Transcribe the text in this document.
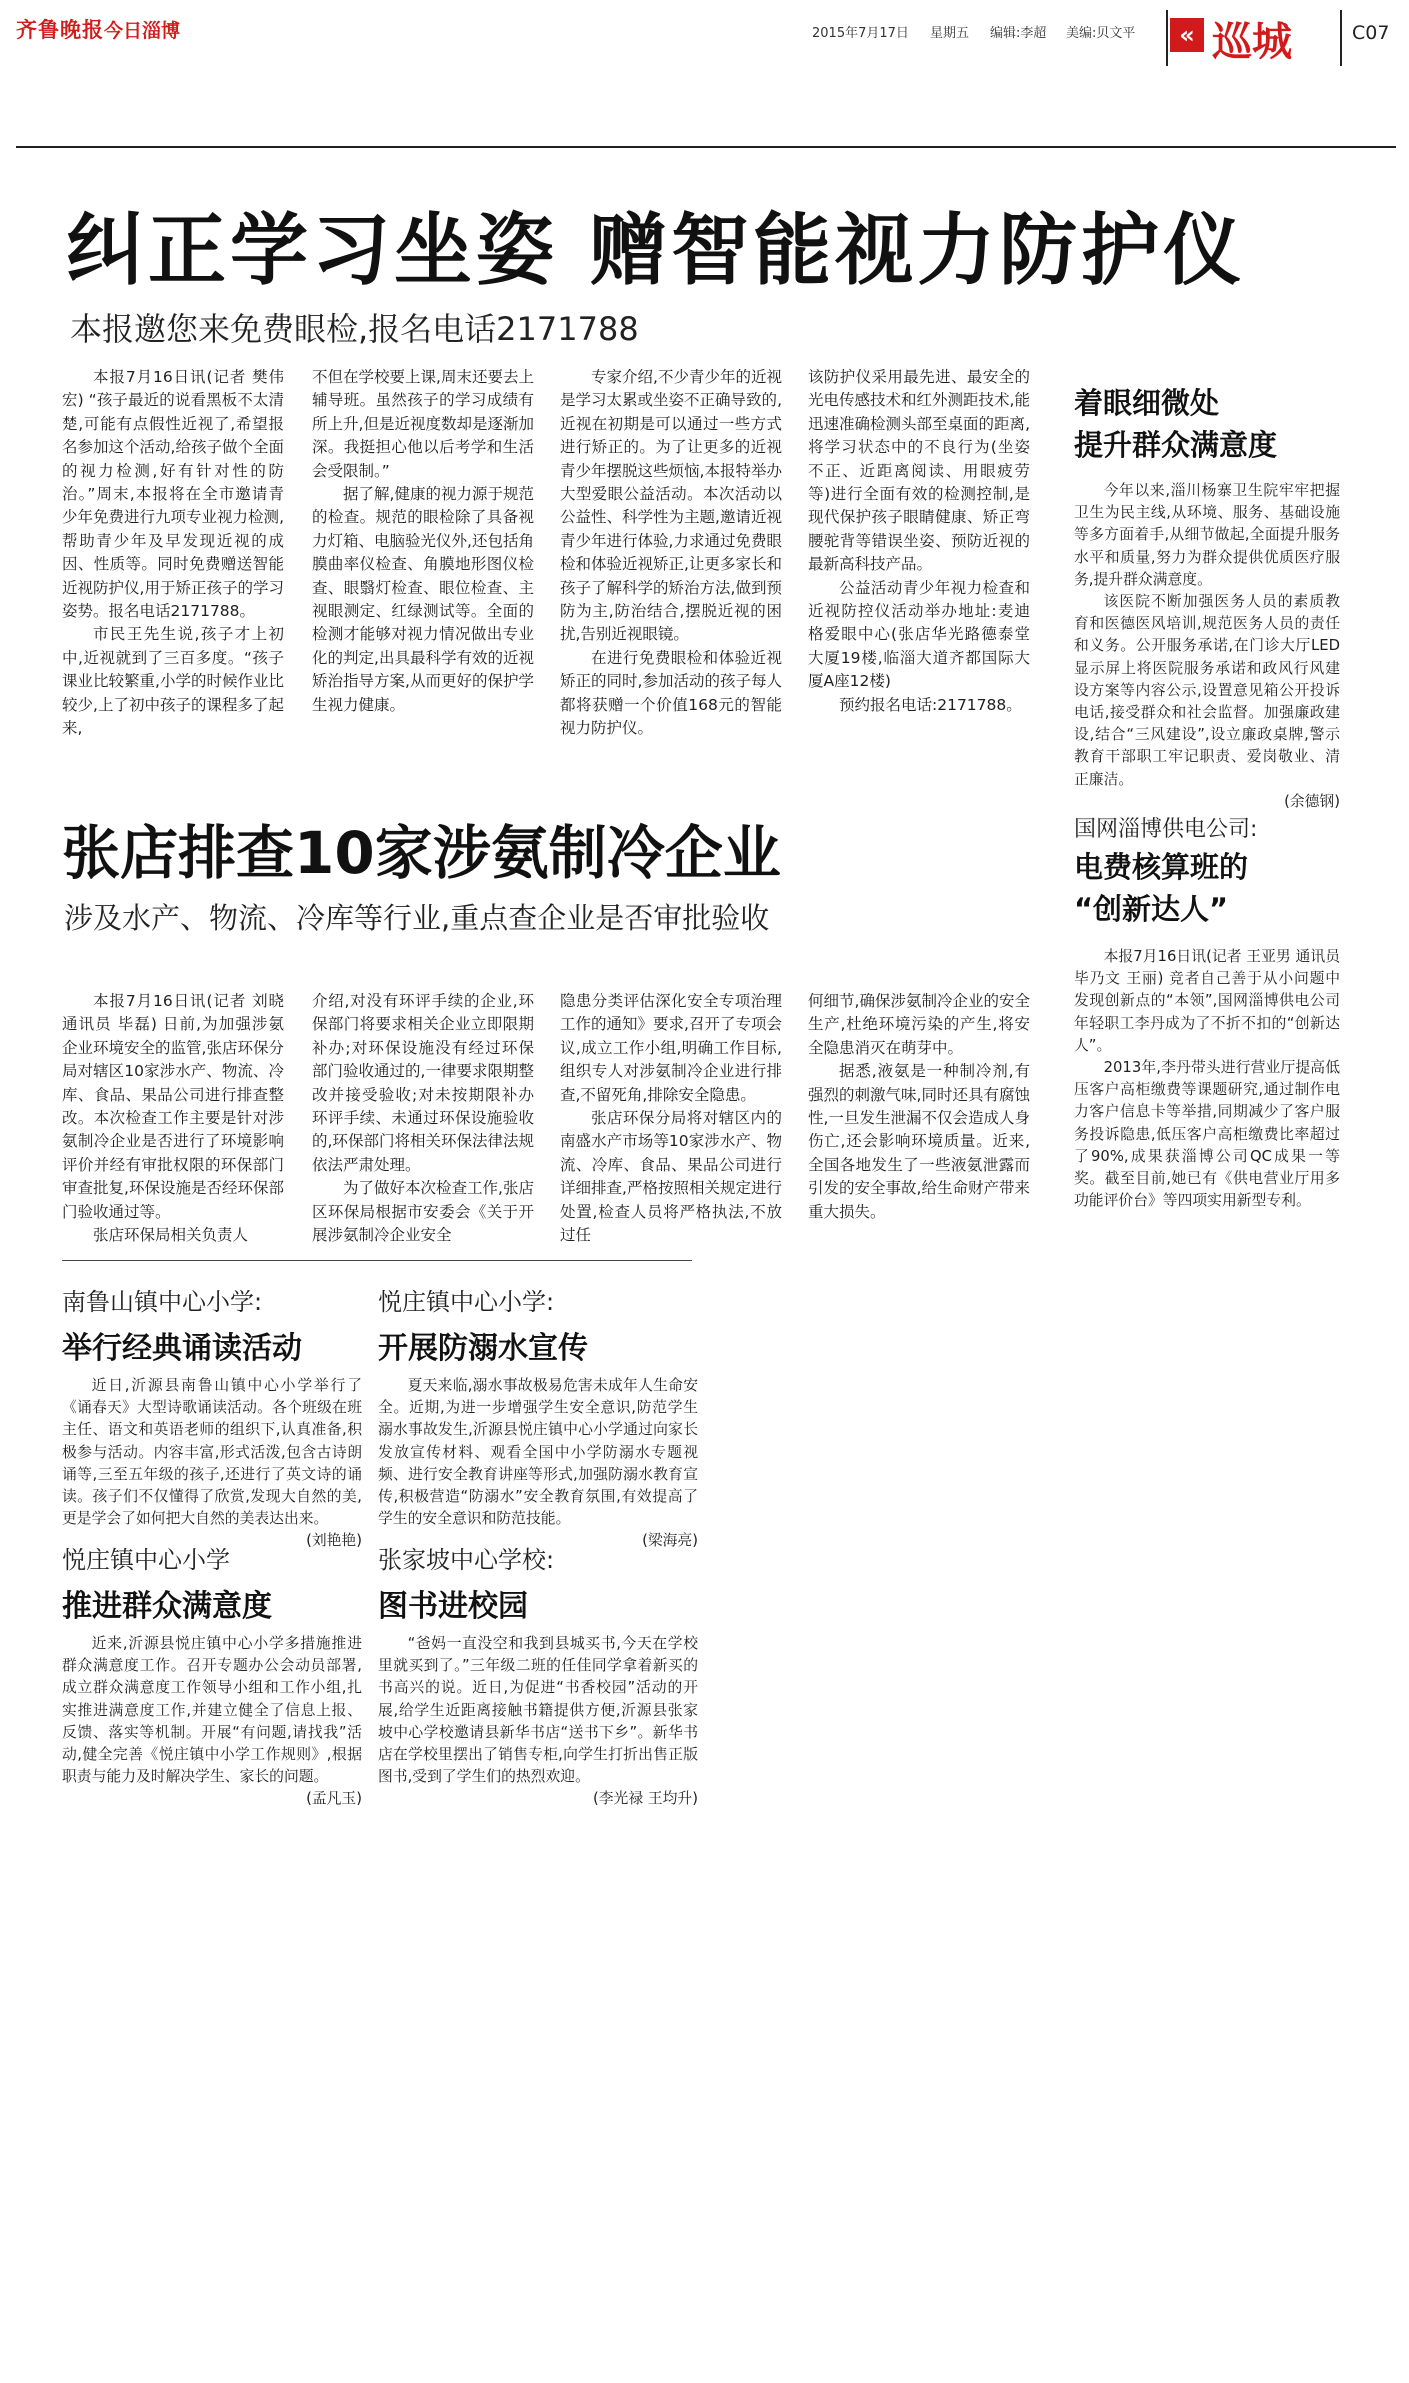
齐鲁晚报 今日淄博	2015年7月17日 星期五 编辑:李超 美编:贝文平	« 巡城	C07
纠正学习坐姿 赠智能视力防护仪
本报邀您来免费眼检,报名电话2171788

本报7月16日讯(记者 樊伟宏) “孩子最近的说看黑板不太清楚,可能有点假性近视了,希望报名参加这个活动,给孩子做个全面的视力检测,好有针对性的防治。”周末,本报将在全市邀请青少年免费进行九项专业视力检测,帮助青少年及早发现近视的成因、性质等。同时免费赠送智能近视防护仪,用于矫正孩子的学习姿势。报名电话2171788。

市民王先生说,孩子才上初中,近视就到了三百多度。“孩子课业比较繁重,小学的时候作业比较少,上了初中孩子的课程多了起来,

不但在学校要上课,周末还要去上辅导班。虽然孩子的学习成绩有所上升,但是近视度数却是逐渐加深。我挺担心他以后考学和生活会受限制。”

据了解,健康的视力源于规范的检查。规范的眼检除了具备视力灯箱、电脑验光仪外,还包括角膜曲率仪检查、角膜地形图仪检查、眼翳灯检查、眼位检查、主视眼测定、红绿测试等。全面的检测才能够对视力情况做出专业化的判定,出具最科学有效的近视矫治指导方案,从而更好的保护学生视力健康。

专家介绍,不少青少年的近视是学习太累或坐姿不正确导致的,近视在初期是可以通过一些方式进行矫正的。为了让更多的近视青少年摆脱这些烦恼,本报特举办大型爱眼公益活动。本次活动以公益性、科学性为主题,邀请近视青少年进行体验,力求通过免费眼检和体验近视矫正,让更多家长和孩子了解科学的矫治方法,做到预防为主,防治结合,摆脱近视的困扰,告别近视眼镜。

在进行免费眼检和体验近视矫正的同时,参加活动的孩子每人都将获赠一个价值168元的智能视力防护仪。

该防护仪采用最先进、最安全的光电传感技术和红外测距技术,能迅速准确检测头部至桌面的距离,将学习状态中的不良行为(坐姿不正、近距离阅读、用眼疲劳等)进行全面有效的检测控制,是现代保护孩子眼睛健康、矫正弯腰驼背等错误坐姿、预防近视的最新高科技产品。

公益活动青少年视力检查和近视防控仪活动举办地址:麦迪格爱眼中心(张店华光路德泰堂大厦19楼,临淄大道齐都国际大厦A座12楼)

预约报名电话:2171788。

着眼细微处
提升群众满意度

今年以来,淄川杨寨卫生院牢牢把握卫生为民主线,从环境、服务、基础设施等多方面着手,从细节做起,全面提升服务水平和质量,努力为群众提供优质医疗服务,提升群众满意度。

该医院不断加强医务人员的素质教育和医德医风培训,规范医务人员的责任和义务。公开服务承诺,在门诊大厅LED显示屏上将医院服务承诺和政风行风建设方案等内容公示,设置意见箱公开投诉电话,接受群众和社会监督。加强廉政建设,结合“三风建设”,设立廉政桌牌,警示教育干部职工牢记职责、爱岗敬业、清正廉洁。

(余德钢)
张店排查10家涉氨制冷企业
涉及水产、物流、冷库等行业,重点查企业是否审批验收

本报7月16日讯(记者 刘晓 通讯员 毕磊) 日前,为加强涉氨企业环境安全的监管,张店环保分局对辖区10家涉水产、物流、冷库、食品、果品公司进行排查整改。本次检查工作主要是针对涉氨制冷企业是否进行了环境影响评价并经有审批权限的环保部门审查批复,环保设施是否经环保部门验收通过等。

张店环保局相关负责人

介绍,对没有环评手续的企业,环保部门将要求相关企业立即限期补办;对环保设施没有经过环保部门验收通过的,一律要求限期整改并接受验收;对未按期限补办环评手续、未通过环保设施验收的,环保部门将相关环保法律法规依法严肃处理。

为了做好本次检查工作,张店区环保局根据市安委会《关于开展涉氨制冷企业安全

隐患分类评估深化安全专项治理工作的通知》要求,召开了专项会议,成立工作小组,明确工作目标,组织专人对涉氨制冷企业进行排查,不留死角,排除安全隐患。

张店环保分局将对辖区内的南盛水产市场等10家涉水产、物流、冷库、食品、果品公司进行详细排查,严格按照相关规定进行处置,检查人员将严格执法,不放过任

何细节,确保涉氨制冷企业的安全生产,杜绝环境污染的产生,将安全隐患消灭在萌芽中。

据悉,液氨是一种制冷剂,有强烈的刺激气味,同时还具有腐蚀性,一旦发生泄漏不仅会造成人身伤亡,还会影响环境质量。近来,全国各地发生了一些液氨泄露而引发的安全事故,给生命财产带来重大损失。

国网淄博供电公司:
电费核算班的
“创新达人”

本报7月16日讯(记者 王亚男 通讯员 毕乃文 王丽) 竞者自己善于从小问题中发现创新点的“本领”,国网淄博供电公司年轻职工李丹成为了不折不扣的“创新达人”。

2013年,李丹带头进行营业厅提高低压客户高柜缴费等课题研究,通过制作电力客户信息卡等举措,同期减少了客户服务投诉隐患,低压客户高柜缴费比率超过了90%,成果获淄博公司QC成果一等奖。截至目前,她已有《供电营业厅用多功能评价台》等四项实用新型专利。

南鲁山镇中心小学:
举行经典诵读活动

近日,沂源县南鲁山镇中心小学举行了《诵春天》大型诗歌诵读活动。各个班级在班主任、语文和英语老师的组织下,认真准备,积极参与活动。内容丰富,形式活泼,包含古诗朗诵等,三至五年级的孩子,还进行了英文诗的诵读。孩子们不仅懂得了欣赏,发现大自然的美,更是学会了如何把大自然的美表达出来。

(刘艳艳)
悦庄镇中心小学:
开展防溺水宣传

夏天来临,溺水事故极易危害未成年人生命安全。近期,为进一步增强学生安全意识,防范学生溺水事故发生,沂源县悦庄镇中心小学通过向家长发放宣传材料、观看全国中小学防溺水专题视频、进行安全教育讲座等形式,加强防溺水教育宣传,积极营造“防溺水”安全教育氛围,有效提高了学生的安全意识和防范技能。

(梁海亮)
悦庄镇中心小学
推进群众满意度

近来,沂源县悦庄镇中心小学多措施推进群众满意度工作。召开专题办公会动员部署,成立群众满意度工作领导小组和工作小组,扎实推进满意度工作,并建立健全了信息上报、反馈、落实等机制。开展“有问题,请找我”活动,健全完善《悦庄镇中小学工作规则》,根据职责与能力及时解决学生、家长的问题。

(孟凡玉)
张家坡中心学校:
图书进校园

“爸妈一直没空和我到县城买书,今天在学校里就买到了。”三年级二班的任佳同学拿着新买的书高兴的说。近日,为促进“书香校园”活动的开展,给学生近距离接触书籍提供方便,沂源县张家坡中心学校邀请县新华书店“送书下乡”。新华书店在学校里摆出了销售专柜,向学生打折出售正版图书,受到了学生们的热烈欢迎。

(李光禄 王均升)
